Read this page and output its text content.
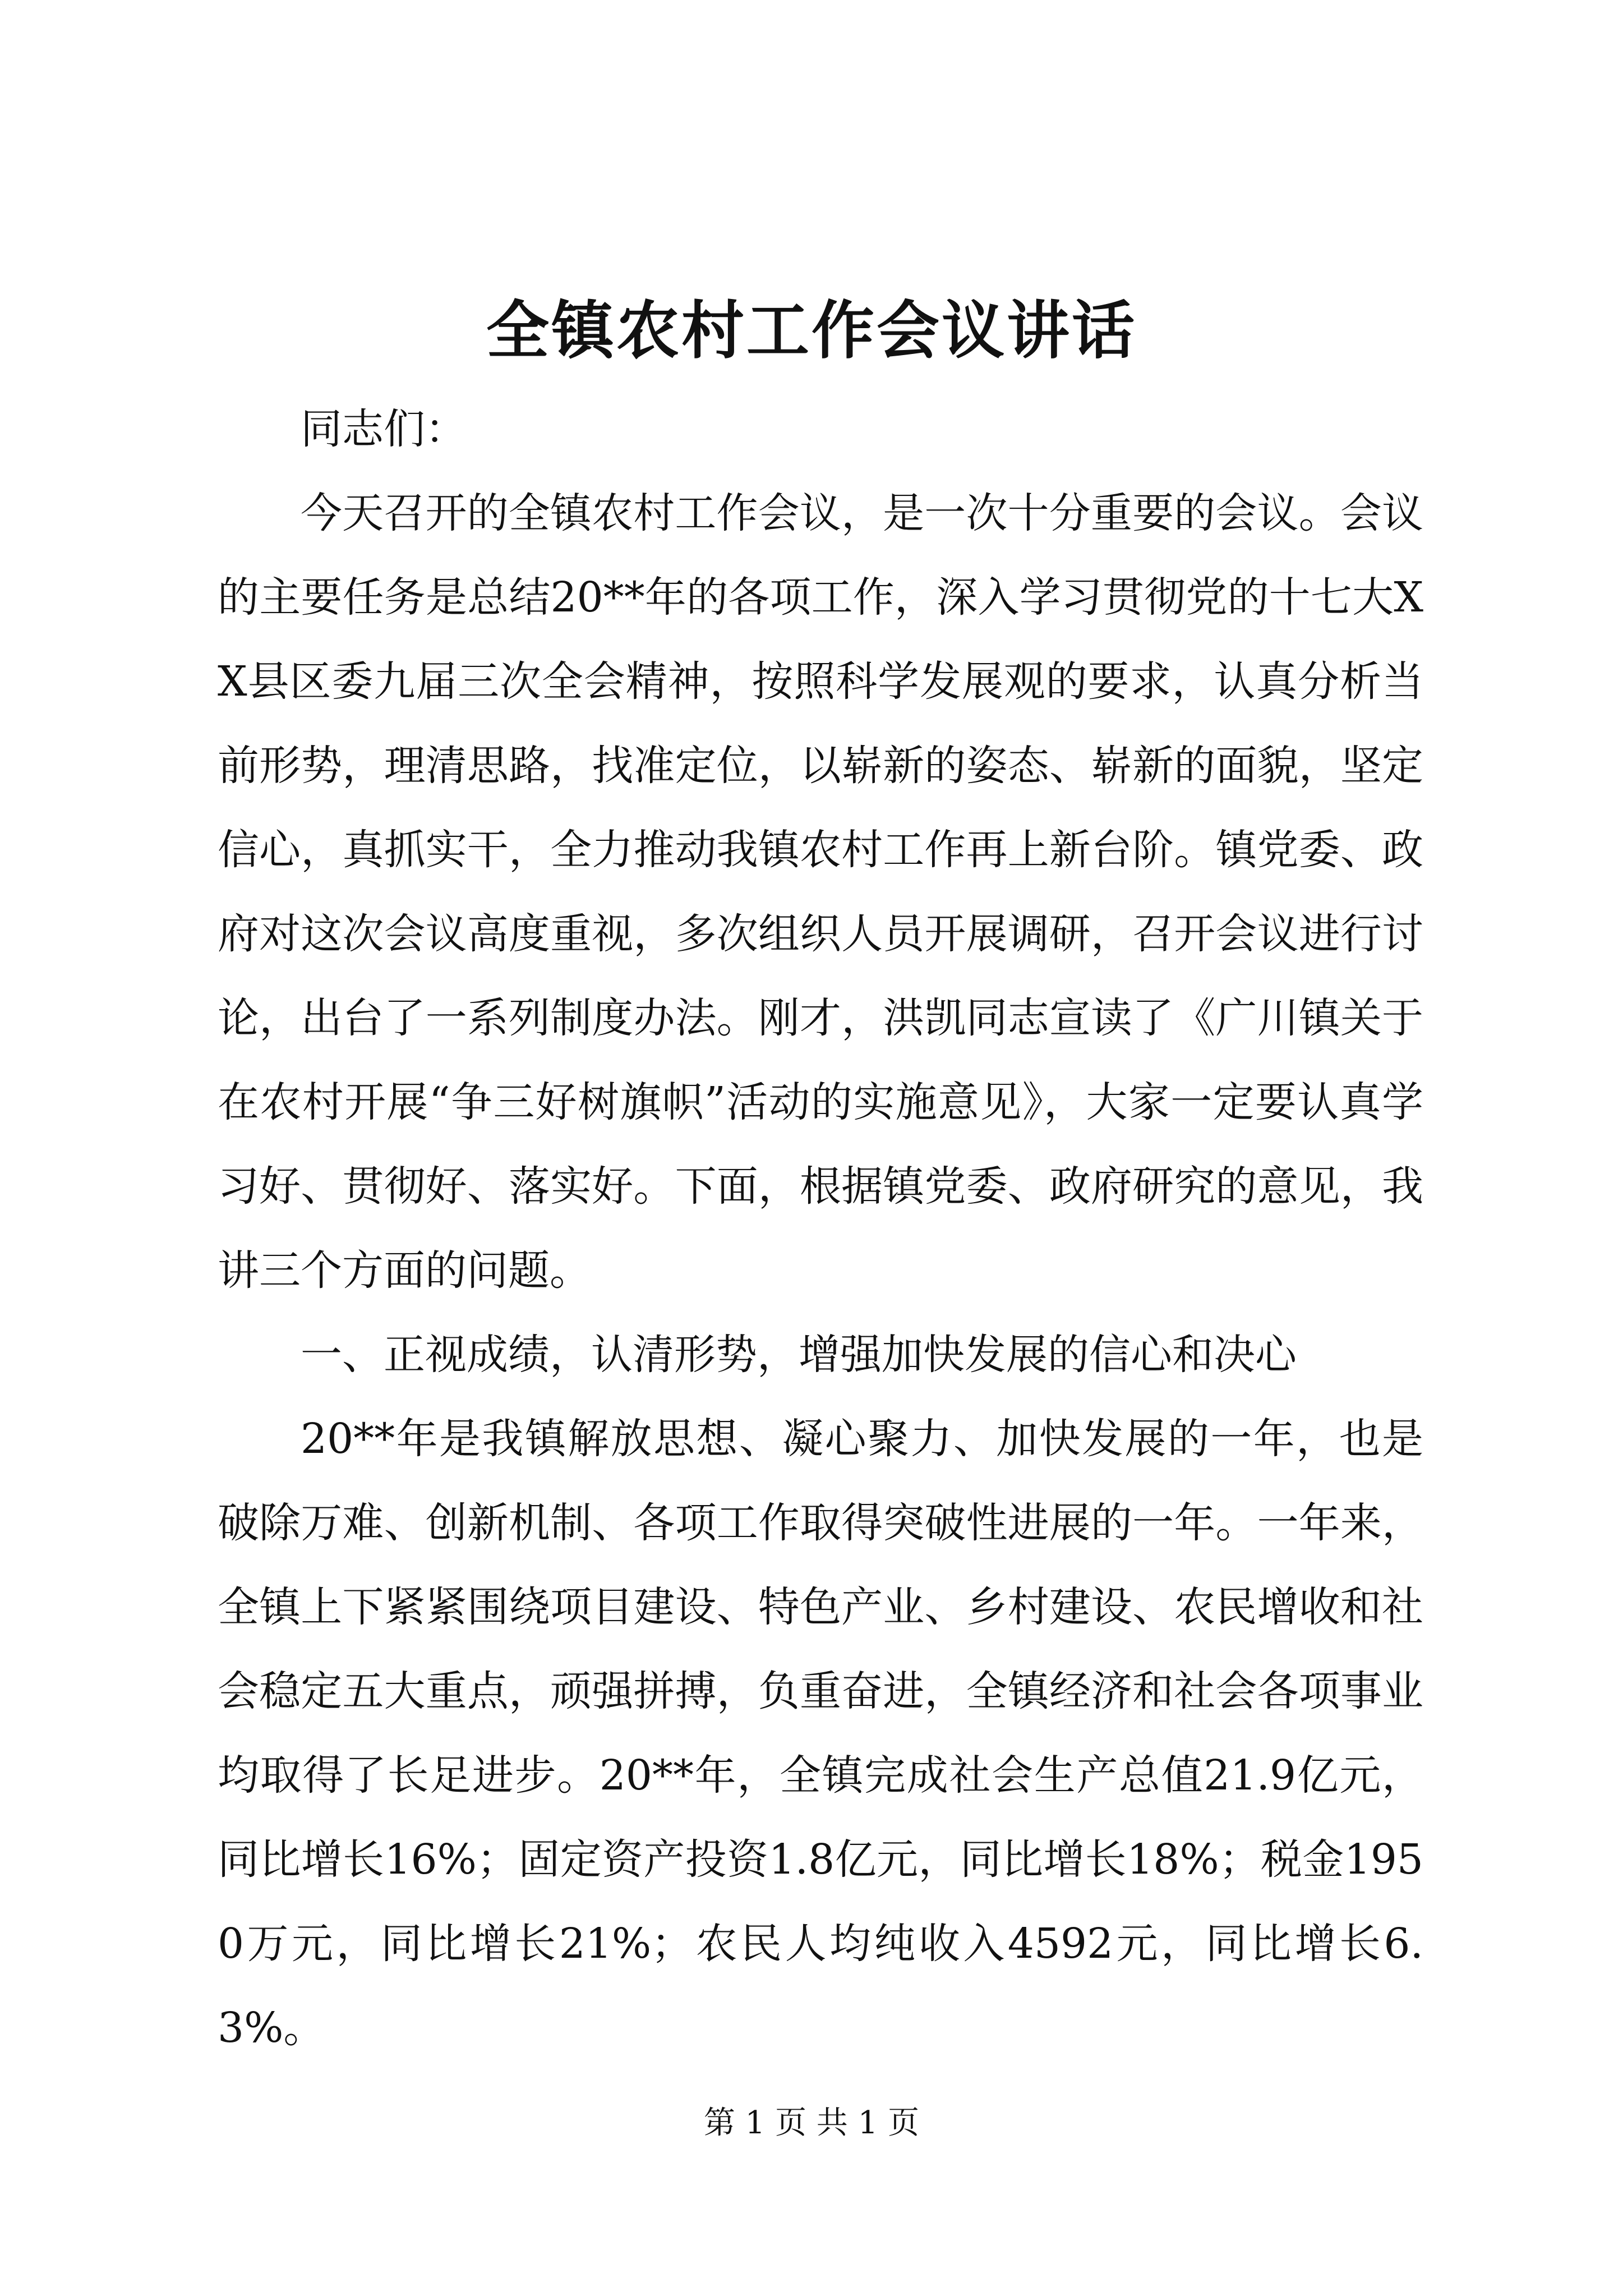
全镇农村工作会议讲话

同志们：

今天召开的全镇农村工作会议，是一次十分重要的会议。会议的主要任务是总结20**年的各项工作，深入学习贯彻党的十七大XX县区委九届三次全会精神，按照科学发展观的要求，认真分析当前形势，理清思路，找准定位，以崭新的姿态、崭新的面貌，坚定信心，真抓实干，全力推动我镇农村工作再上新台阶。镇党委、政府对这次会议高度重视，多次组织人员开展调研，召开会议进行讨论，出台了一系列制度办法。刚才，洪凯同志宣读了《广川镇关于在农村开展“争三好树旗帜”活动的实施意见》，大家一定要认真学习好、贯彻好、落实好。下面，根据镇党委、政府研究的意见，我讲三个方面的问题。

一、正视成绩，认清形势，增强加快发展的信心和决心

20**年是我镇解放思想、凝心聚力、加快发展的一年，也是破除万难、创新机制、各项工作取得突破性进展的一年。一年来，全镇上下紧紧围绕项目建设、特色产业、乡村建设、农民增收和社会稳定五大重点，顽强拼搏，负重奋进，全镇经济和社会各项事业均取得了长足进步。20**年，全镇完成社会生产总值21.9亿元，同比增长16%；固定资产投资1.8亿元，同比增长18%；税金1950万元，同比增长21%；农民人均纯收入4592元，同比增长6.3%。

第 1 页 共 1 页
